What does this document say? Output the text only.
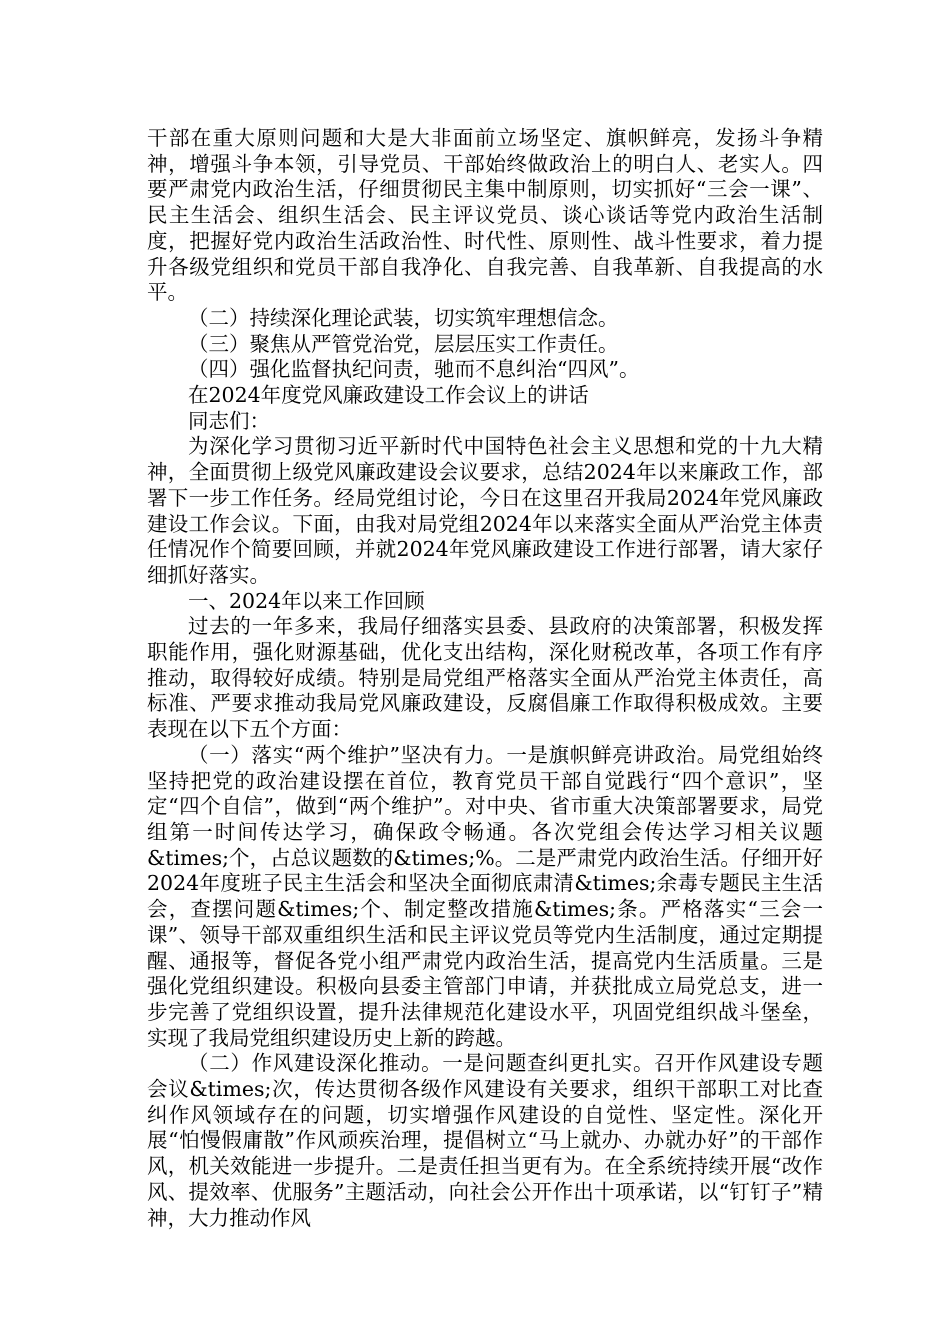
干部在重大原则问题和大是大非面前立场坚定、旗帜鲜亮，发扬斗争精神，增强斗争本领，引导党员、干部始终做政治上的明白人、老实人。四要严肃党内政治生活，仔细贯彻民主集中制原则，切实抓好“三会一课”、民主生活会、组织生活会、民主评议党员、谈心谈话等党内政治生活制度，把握好党内政治生活政治性、时代性、原则性、战斗性要求，着力提升各级党组织和党员干部自我净化、自我完善、自我革新、自我提高的水平。

（二）持续深化理论武装，切实筑牢理想信念。

（三）聚焦从严管党治党，层层压实工作责任。

（四）强化监督执纪问责，驰而不息纠治“四风”。

在2024年度党风廉政建设工作会议上的讲话

同志们：

为深化学习贯彻习近平新时代中国特色社会主义思想和党的十九大精神，全面贯彻上级党风廉政建设会议要求，总结2024年以来廉政工作，部署下一步工作任务。经局党组讨论，今日在这里召开我局2024年党风廉政建设工作会议。下面，由我对局党组2024年以来落实全面从严治党主体责任情况作个简要回顾，并就2024年党风廉政建设工作进行部署，请大家仔细抓好落实。

一、2024年以来工作回顾

过去的一年多来，我局仔细落实县委、县政府的决策部署，积极发挥职能作用，强化财源基础，优化支出结构，深化财税改革，各项工作有序推动，取得较好成绩。特别是局党组严格落实全面从严治党主体责任，高标准、严要求推动我局党风廉政建设，反腐倡廉工作取得积极成效。主要表现在以下五个方面：

（一）落实“两个维护”坚决有力。一是旗帜鲜亮讲政治。局党组始终坚持把党的政治建设摆在首位，教育党员干部自觉践行“四个意识”，坚定“四个自信”，做到“两个维护”。对中央、省市重大决策部署要求，局党组第一时间传达学习，确保政令畅通。各次党组会传达学习相关议题&times;个，占总议题数的&times;%。二是严肃党内政治生活。仔细开好2024年度班子民主生活会和坚决全面彻底肃清&times;余毒专题民主生活会，查摆问题&times;个、制定整改措施&times;条。严格落实“三会一课”、领导干部双重组织生活和民主评议党员等党内生活制度，通过定期提醒、通报等，督促各党小组严肃党内政治生活，提高党内生活质量。三是强化党组织建设。积极向县委主管部门申请，并获批成立局党总支，进一步完善了党组织设置，提升法律规范化建设水平，巩固党组织战斗堡垒，实现了我局党组织建设历史上新的跨越。

（二）作风建设深化推动。一是问题查纠更扎实。召开作风建设专题会议&times;次，传达贯彻各级作风建设有关要求，组织干部职工对比查纠作风领域存在的问题，切实增强作风建设的自觉性、坚定性。深化开展“怕慢假庸散”作风顽疾治理，提倡树立“马上就办、办就办好”的干部作风，机关效能进一步提升。二是责任担当更有为。在全系统持续开展“改作风、提效率、优服务”主题活动，向社会公开作出十项承诺，以“钉钉子”精神，大力推动作风
